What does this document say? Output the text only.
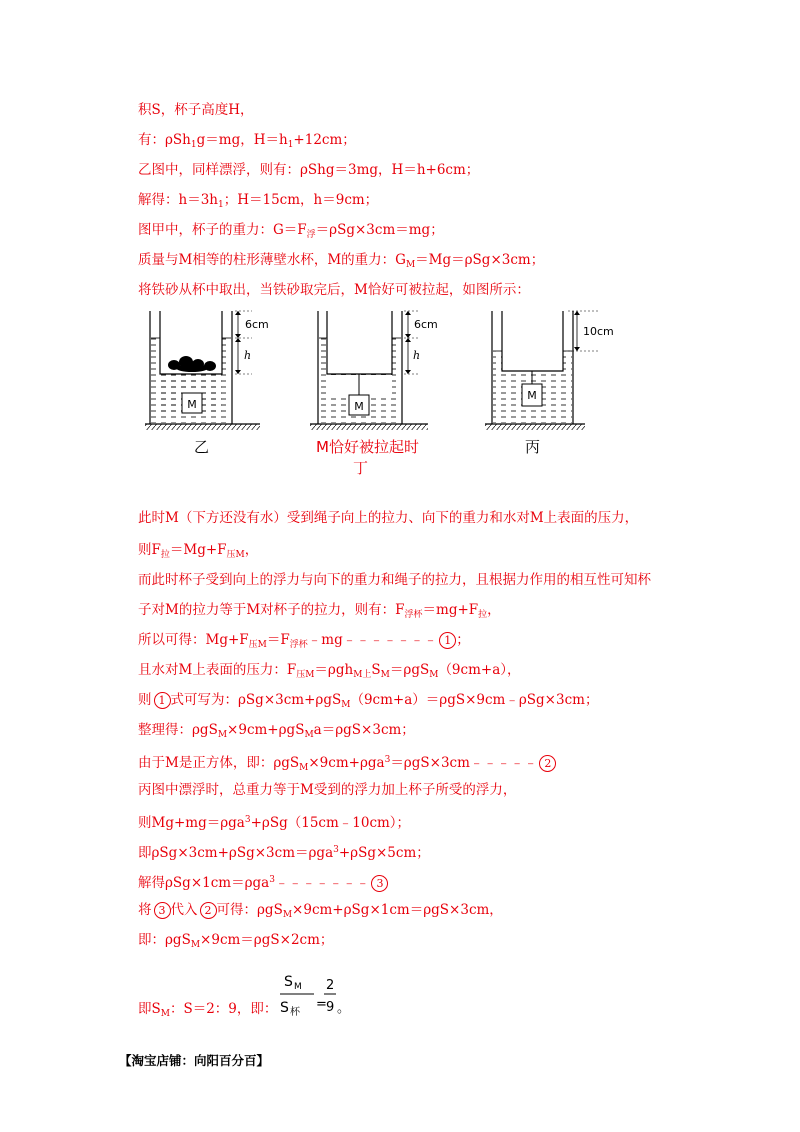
积S，杯子高度H，
有：ρSh$_1$g＝mg，$H=h_1+12cm$；
乙图中，同样漂浮，则有：ρShg＝3mg，H＝h+6cm；
解得：$h=3h_1$；H＝15cm，h＝9cm；
图甲中，杯子的重力：$G=F_浮=\rho Sg\times 3cm=mg$；
质量与M相等的柱形薄壁水杯，M的重力：$G_M=Mg=\rho Sg\times 3cm$；
将铁砂从杯中取出，当铁砂取完后，M恰好可被拉起，如图所示：
M
6cm
h
M
6cm
h
M
10cm
乙	M恰好被拉起时
丁
丙
此时M（下方还没有水）受到绳子向上的拉力、向下的重力和水对M上表面的压力，
则$F_拉=Mg+F_{压M}$，
而此时杯子受到向上的浮力与向下的重力和绳子的拉力，且根据力作用的相互性可知杯
子对M的拉力等于M对杯子的拉力，则有：$F_{浮杯}=mg+F_拉$，
所以可得：$Mg+F_{压M}=F_{浮杯}﹣mg﹣﹣﹣﹣﹣﹣﹣$ 1 ；
且水对M上表面的压力：$F_{压M}=\rho gh_{M上}S_M=\rho gS_M(9cm+a)$，
则 1 式可写为：ρSg×3cm+ρgS$_M$（9cm+a）＝ρgS×9cm﹣ρSg×3cm；
整理得：ρgS$_M$×9cm+ρgS$_M$a＝ρgS×3cm；
由于M是正方体，即：ρgS$_M$×9cm+ρga$^3$＝ρgS×3cm﹣﹣﹣﹣﹣ 2
丙图中漂浮时，总重力等于M受到的浮力加上杯子所受的浮力，
则Mg+mg＝ρga$^3$+ρSg（15cm﹣10cm）；
即ρSg×3cm+ρSg×3cm＝ρga$^3$+ρSg×5cm；
解得ρSg×1cm＝ρga$^3$﹣﹣﹣﹣﹣﹣﹣ 3
将 3 代入 2 可得：ρgS$_M$×9cm+ρSg×1cm＝ρgS×3cm，
即：ρgS$_M$×9cm＝ρgS×2cm；
即$S_M$：S＝2：9，即：
S M
S 杯
=
2
9 。
【淘宝店铺：向阳百分百】
